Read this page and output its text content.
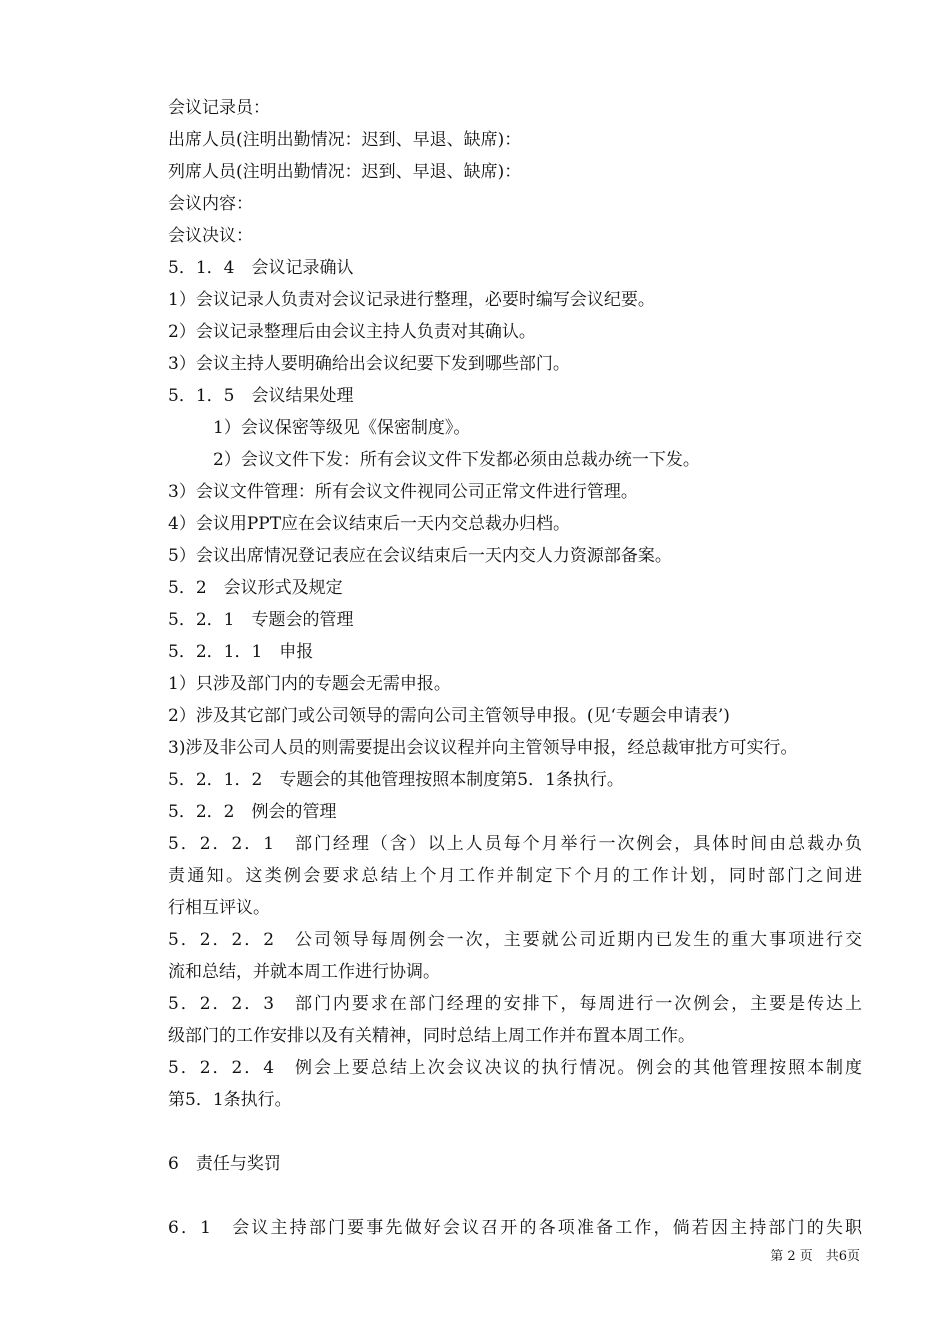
会议记录员：
出席人员(注明出勤情况：迟到、早退、缺席)：
列席人员(注明出勤情况：迟到、早退、缺席)：
会议内容：
会议决议：
5．1．4　会议记录确认
1）会议记录人负责对会议记录进行整理，必要时编写会议纪要。
2）会议记录整理后由会议主持人负责对其确认。
3）会议主持人要明确给出会议纪要下发到哪些部门。
5．1．5　会议结果处理
1）会议保密等级见《保密制度》。
2）会议文件下发：所有会议文件下发都必须由总裁办统一下发。
3）会议文件管理：所有会议文件视同公司正常文件进行管理。
4）会议用PPT应在会议结束后一天内交总裁办归档。
5）会议出席情况登记表应在会议结束后一天内交人力资源部备案。
5．2　会议形式及规定
5．2．1　专题会的管理
5．2．1．1　申报
1）只涉及部门内的专题会无需申报。
2）涉及其它部门或公司领导的需向公司主管领导申报。(见‘专题会申请表’)
3)涉及非公司人员的则需要提出会议议程并向主管领导申报，经总裁审批方可实行。
5．2．1．2　专题会的其他管理按照本制度第5．1条执行。
5．2．2　例会的管理
5．2．2．1　部门经理（含）以上人员每个月举行一次例会，具体时间由总裁办负
责通知。这类例会要求总结上个月工作并制定下个月的工作计划，同时部门之间进
行相互评议。
5．2．2．2　公司领导每周例会一次，主要就公司近期内已发生的重大事项进行交
流和总结，并就本周工作进行协调。
5．2．2．3　部门内要求在部门经理的安排下，每周进行一次例会，主要是传达上
级部门的工作安排以及有关精神，同时总结上周工作并布置本周工作。
5．2．2．4　例会上要总结上次会议决议的执行情况。例会的其他管理按照本制度
第5．1条执行。
6　责任与奖罚
6．1　会议主持部门要事先做好会议召开的各项准备工作，倘若因主持部门的失职
第 2 页　共6页
